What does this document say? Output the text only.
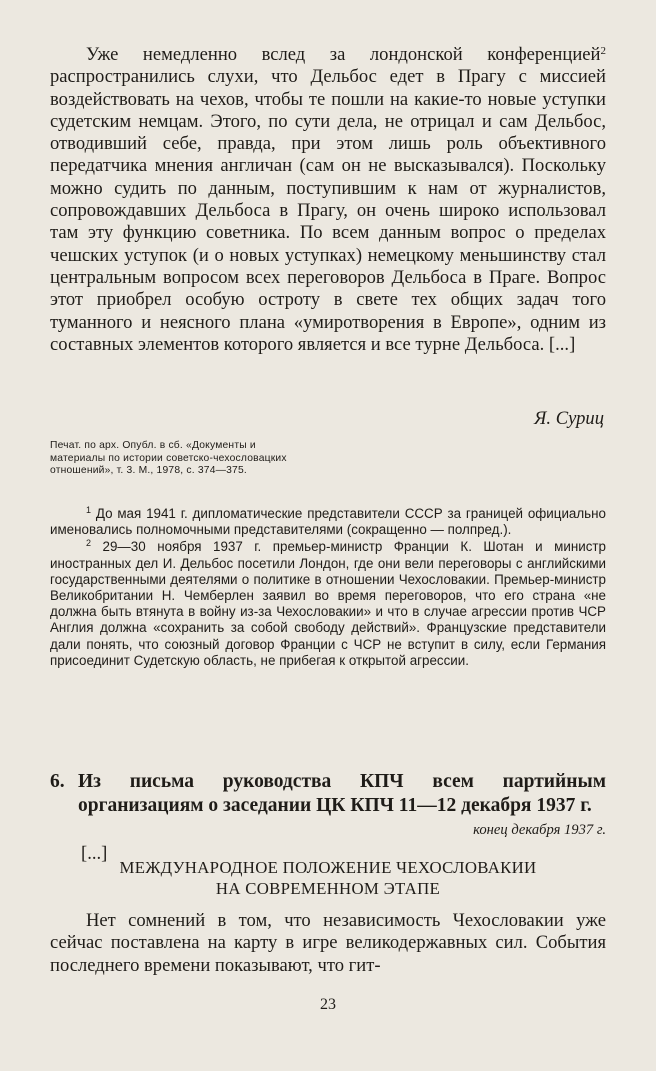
Уже немедленно вслед за лондонской конференцией$^2$ распространились слухи, что Дельбос едет в Прагу с миссией воздействовать на чехов, чтобы те пошли на какие-то новые уступки судетским немцам. Этого, по сути дела, не отрицал и сам Дельбос, отводивший себе, правда, при этом лишь роль объективного передатчика мнения англичан (сам он не высказывался). Поскольку можно судить по данным, поступившим к нам от журналистов, сопровождавших Дельбоса в Прагу, он очень широко использовал там эту функцию советника. По всем данным вопрос о пределах чешских уступок (и о новых уступках) немецкому меньшинству стал центральным вопросом всех переговоров Дельбоса в Праге. Вопрос этот приобрел особую остроту в свете тех общих задач того туманного и неясного плана «умиротворения в Европе», одним из составных элементов которого является и все турне Дельбоса. [...]

Я. Суриц
Печат. по арх. Опубл. в сб. «Документы и материалы по истории советско-чехословацких отношений», т. 3. М., 1978, с. 374—375.

$^1$ До мая 1941 г. дипломатические представители СССР за границей официально именовались полномочными представителями (сокращенно — полпред.).

$^2$ 29—30 ноября 1937 г. премьер-министр Франции К. Шотан и министр иностранных дел И. Дельбос посетили Лондон, где они вели переговоры с английскими государственными деятелями о политике в отношении Чехословакии. Премьер-министр Великобритании Н. Чемберлен заявил во время переговоров, что его страна «не должна быть втянута в войну из-за Чехословакии» и что в случае агрессии против ЧСР Англия должна «сохранить за собой свободу действий». Французские представители дали понять, что союзный договор Франции с ЧСР не вступит в силу, если Германия присоединит Судетскую область, не прибегая к открытой агрессии.

6. Из письма руководства КПЧ всем партийным организациям о заседании ЦК КПЧ 11—12 декабря 1937 г.
конец декабря 1937 г.
[...]
МЕЖДУНАРОДНОЕ ПОЛОЖЕНИЕ ЧЕХОСЛОВАКИИ
НА СОВРЕМЕННОМ ЭТАПЕ

Нет сомнений в том, что независимость Чехословакии уже сейчас поставлена на карту в игре великодержавных сил. События последнего времени показывают, что гит-

23
